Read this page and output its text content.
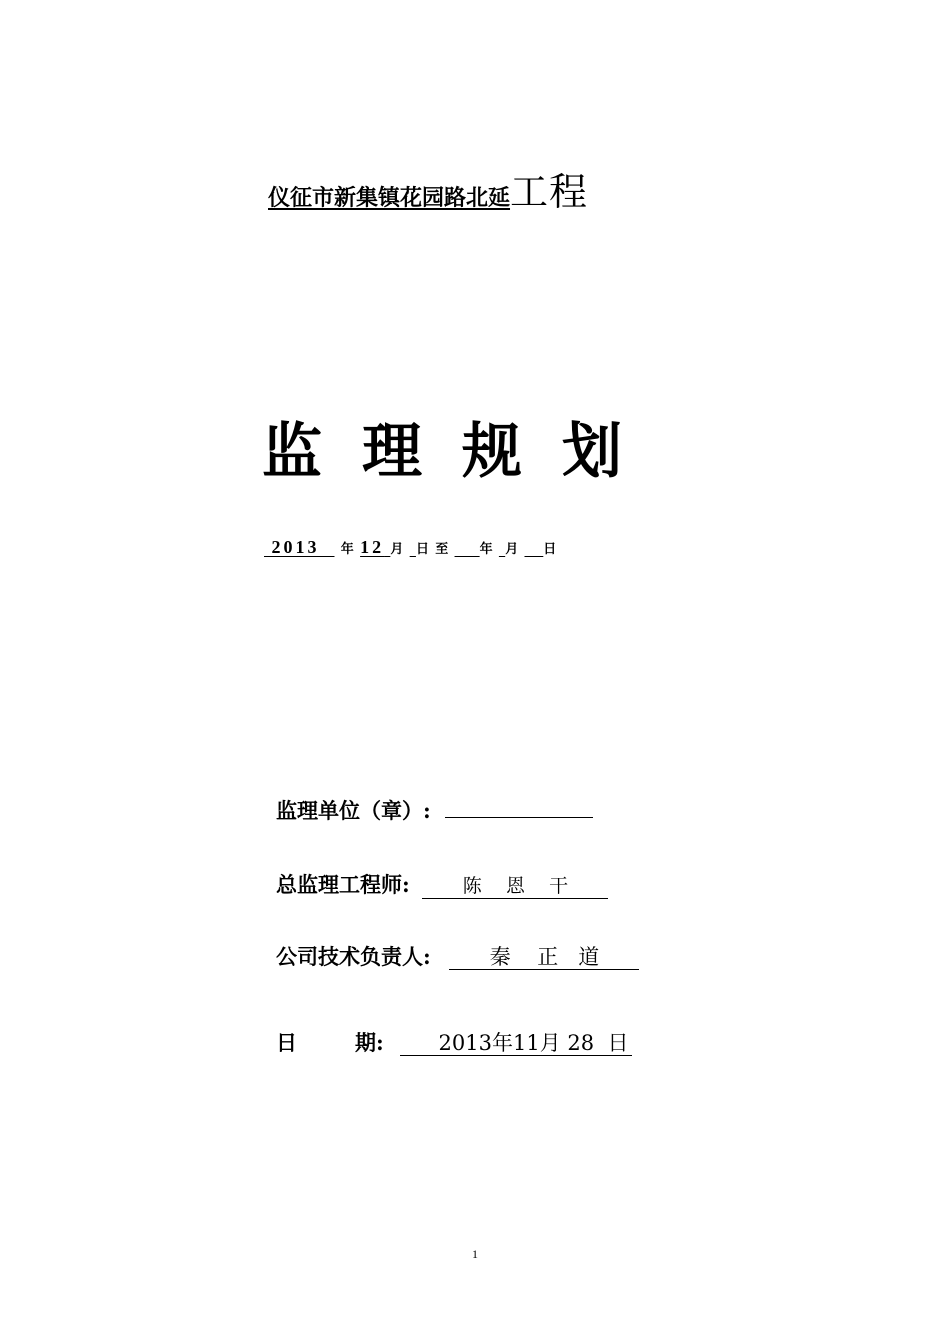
仪征市新集镇花园路北延工程
监 理 规 划
2013 年 12 月 日 至 年 月 日
监理单位（章）:
总监理工程师:	陈    恩    干
公司技术负责人:	秦    正   道
日	期:	2013年11月 28  日
1
